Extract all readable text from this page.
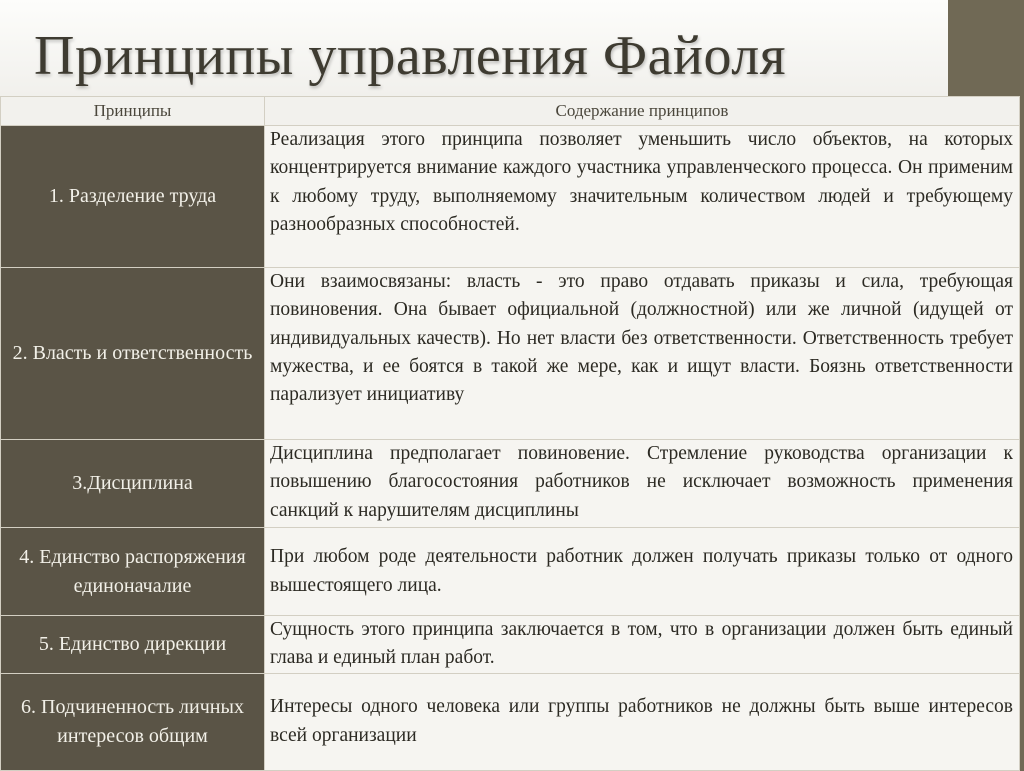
Принципы управления Файоля
Принципы	Содержание принципов
1. Разделение труда	Реализация этого принципа позволяет уменьшить число объектов, на которых концентрируется внимание каждого участника управленческого процесса. Он применим к любому труду, выполняемому значительным количеством людей и требующему разнообразных способностей.
2. Власть и ответственность	Они взаимосвязаны: власть - это право отдавать приказы и сила, требующая повиновения. Она бывает официальной (должностной) или же личной (идущей от индивидуальных качеств). Но нет власти без ответственности. Ответственность требует мужества, и ее боятся в такой же мере, как и ищут власти. Боязнь ответственности парализует инициативу
3.Дисциплина	Дисциплина предполагает повиновение. Стремление руководства организации к повышению благосостояния работников не исключает возможность применения санкций к нарушителям дисциплины
4. Единство распоряжения единоначалие	При любом роде деятельности работник должен получать приказы только от одного вышестоящего лица.
5. Единство дирекции	Сущность этого принципа заключается в том, что в организации должен быть единый глава и единый план работ.
6. Подчиненность личных интересов общим	Интересы одного человека или группы работников не должны быть выше интересов всей организации
